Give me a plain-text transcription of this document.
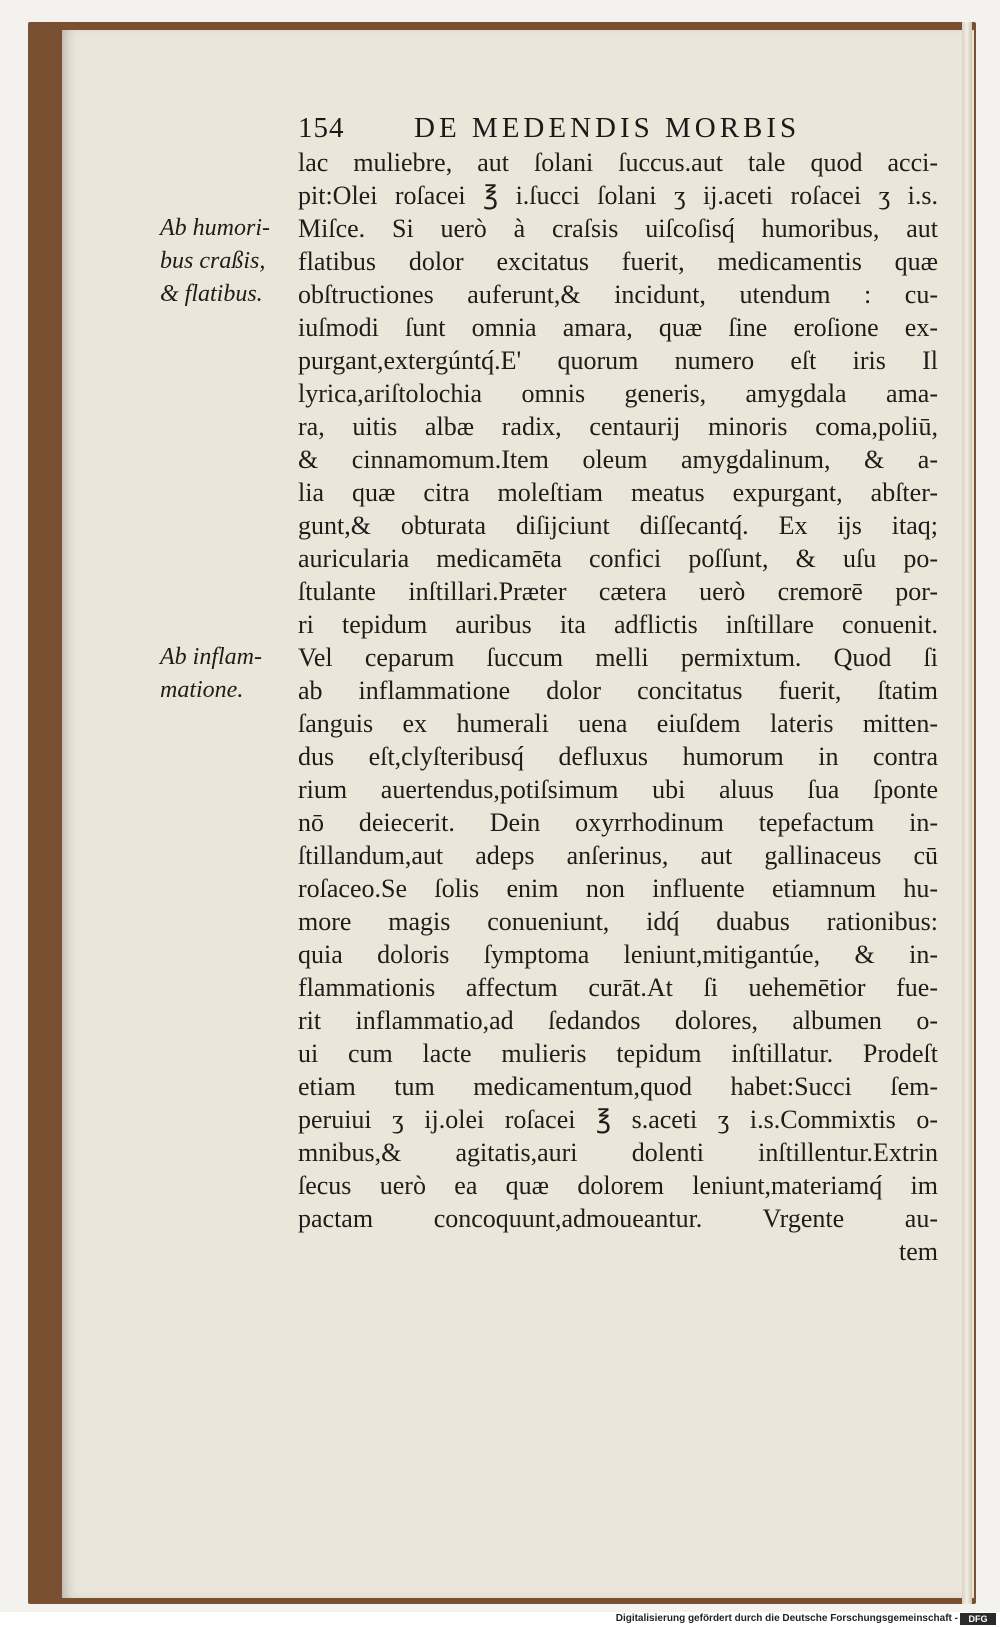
154 DE MEDENDIS MORBIS
Ab humori-
bus craßis,
& flatibus.
Ab inflam-
matione.
lac muliebre, aut ſolani ſuccus.aut tale quod acci-
pit:Olei roſacei ℥ i.ſucci ſolani ʒ ij.aceti roſacei ʒ i.s.
Miſce. Si uerò à craſsis uiſcoſisq́ humoribus, aut
flatibus dolor excitatus fuerit, medicamentis quæ
obſtructiones auferunt,& incidunt, utendum : cu-
iuſmodi ſunt omnia amara, quæ ſine eroſione ex-
purgant,extergúntq́.E' quorum numero eſt iris Il
lyrica,ariſtolochia omnis generis, amygdala ama-
ra, uitis albæ radix, centaurij minoris coma,poliū,
& cinnamomum.Item oleum amygdalinum, & a-
lia quæ citra moleſtiam meatus expurgant, abſter-
gunt,& obturata diſijciunt diſſecantq́. Ex ijs itaq;
auricularia medicamēta confici poſſunt, & uſu po-
ſtulante inſtillari.Præter cætera uerò cremorē por-
ri tepidum auribus ita adflictis inſtillare conuenit.
Vel ceparum ſuccum melli permixtum. Quod ſi
ab inflammatione dolor concitatus fuerit, ſtatim
ſanguis ex humerali uena eiuſdem lateris mitten-
dus eſt,clyſteribusq́ defluxus humorum in contra
rium auertendus,potiſsimum ubi aluus ſua ſponte
nō deiecerit. Dein oxyrrhodinum tepefactum in-
ſtillandum,aut adeps anſerinus, aut gallinaceus cū
roſaceo.Se ſolis enim non influente etiamnum hu-
more magis conueniunt, idq́ duabus rationibus:
quia doloris ſymptoma leniunt,mitigantúe, & in-
flammationis affectum curāt.At ſi uehemētior fue-
rit inflammatio,ad ſedandos dolores, albumen o-
ui cum lacte mulieris tepidum inſtillatur. Prodeſt
etiam tum medicamentum,quod habet:Succi ſem-
peruiui ʒ ij.olei roſacei ℥ s.aceti ʒ i.s.Commixtis o-
mnibus,& agitatis,auri dolenti inſtillentur.Extrin
ſecus uerò ea quæ dolorem leniunt,materiamq́ im
pactam concoquunt,admoueantur. Vrgente au-
tem
Digitalisierung gefördert durch die Deutsche Forschungsgemeinschaft -	DFG
